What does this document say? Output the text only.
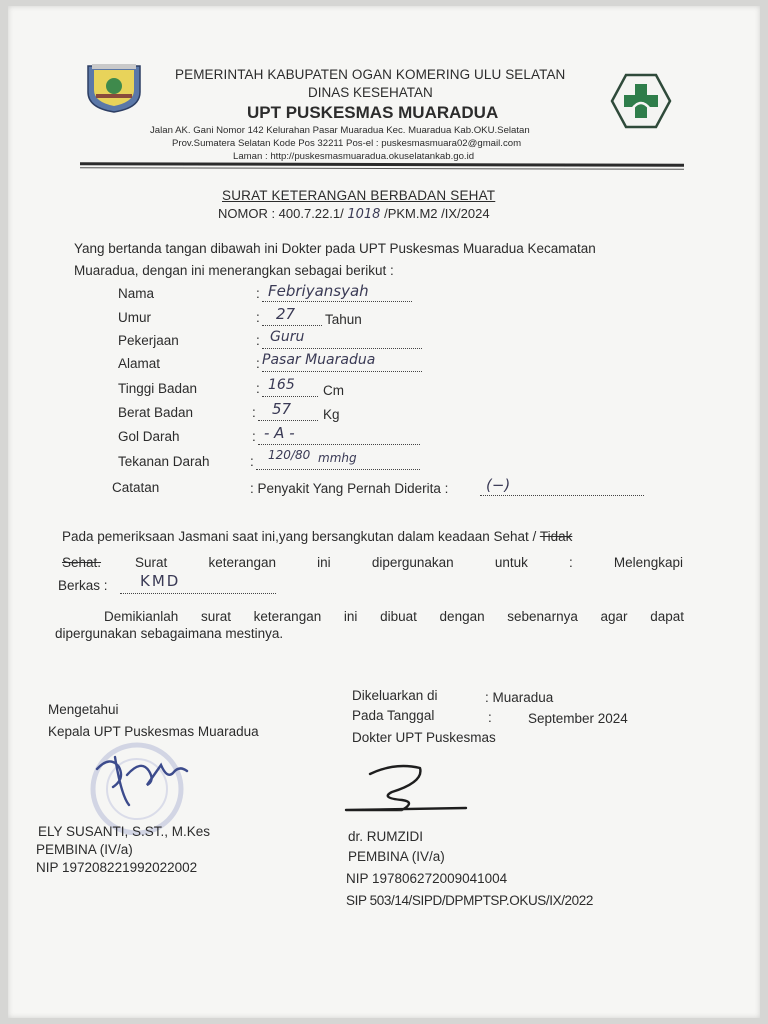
PEMERINTAH KABUPATEN OGAN KOMERING ULU SELATAN
DINAS KESEHATAN
UPT PUSKESMAS MUARADUA
Jalan AK. Gani Nomor 142 Kelurahan Pasar Muaradua Kec. Muaradua Kab.OKU.Selatan
Prov.Sumatera Selatan Kode Pos 32211 Pos-el : puskesmasmuara02@gmail.com
Laman : http://puskesmasmuaradua.okuselatankab.go.id
SURAT KETERANGAN BERBADAN SEHAT
NOMOR : 400.7.22.1/ 1018 /PKM.M2 /IX/2024
Yang bertanda tangan dibawah ini Dokter pada UPT Puskesmas Muaradua Kecamatan
Muaradua, dengan ini menerangkan sebagai berikut :
Nama	: Febriyansyah
Umur	: 27 Tahun
Pekerjaan	: Guru
Alamat	: Pasar Muaradua
Tinggi Badan	: 165 Cm
Berat Badan	: 57 Kg
Gol Darah	: - A -
Tekanan Darah	: 120/80 mmhg
Catatan	: Penyakit Yang Pernah Diderita :	(−)
Pada pemeriksaan Jasmani saat ini,yang bersangkutan dalam keadaan Sehat / Tidak
Sehat.	Surat	keterangan	ini	dipergunakan	untuk	:	Melengkapi
Berkas : KMD
Demikianlah surat keterangan ini dibuat dengan sebenarnya agar dapat
dipergunakan sebagaimana mestinya.
Dikeluarkan di	: Muaradua
Pada Tanggal	:	September 2024
Dokter UPT Puskesmas
Mengetahui
Kepala UPT Puskesmas Muaradua
ELY SUSANTI, S.ST., M.Kes
PEMBINA (IV/a)
NIP 197208221992022002
dr. RUMZIDI
PEMBINA (IV/a)
NIP 197806272009041004
SIP 503/14/SIPD/DPMPTSP.OKUS/IX/2022
